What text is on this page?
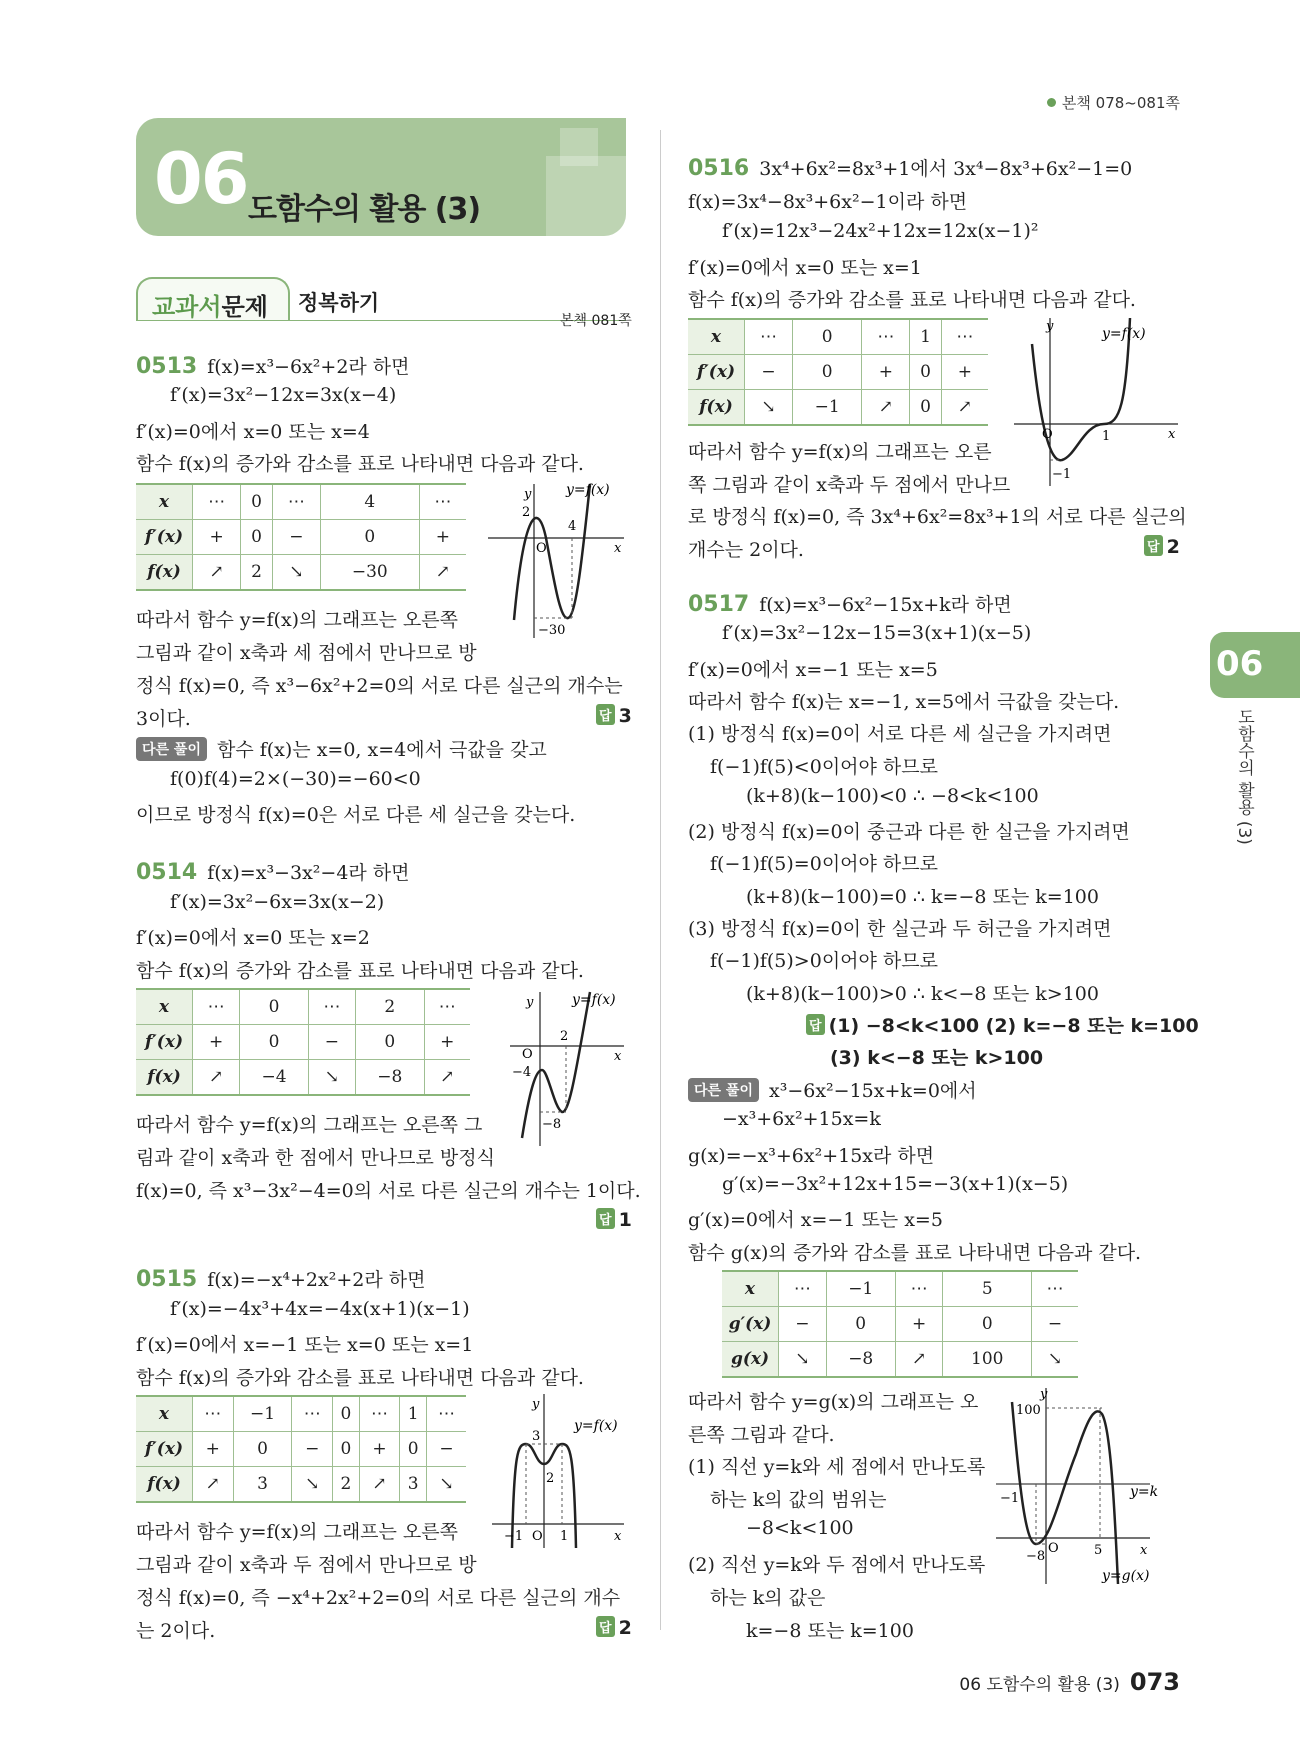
본책 078~081쪽
06 도함수의 활용 (3)
교과서문제 정복하기
본책 081쪽
0513 f(x)=x³−6x²+2라 하면
f′(x)=3x²−12x=3x(x−4)
f′(x)=0에서 x=0 또는 x=4
함수 f(x)의 증가와 감소를 표로 나타내면 다음과 같다.
x	⋯	0	⋯	4	⋯
f′(x)	+	0	−	0	+
f(x)	↗	2	↘	−30	↗
y y=f(x)
2
4
O	x
−30
따라서 함수 y=f(x)의 그래프는 오른쪽
그림과 같이 x축과 세 점에서 만나므로 방
정식 f(x)=0, 즉 x³−6x²+2=0의 서로 다른 실근의 개수는
3이다.	답 3
다른 풀이 함수 f(x)는 x=0, x=4에서 극값을 갖고
f(0)f(4)=2×(−30)=−60<0
이므로 방정식 f(x)=0은 서로 다른 세 실근을 갖는다.
0514 f(x)=x³−3x²−4라 하면
f′(x)=3x²−6x=3x(x−2)
f′(x)=0에서 x=0 또는 x=2
함수 f(x)의 증가와 감소를 표로 나타내면 다음과 같다.
x	⋯	0	⋯	2	⋯
f′(x)	+	0	−	0	+
f(x)	↗	−4	↘	−8	↗
y	y=f(x)
2
O	x
−4
−8
따라서 함수 y=f(x)의 그래프는 오른쪽 그
림과 같이 x축과 한 점에서 만나므로 방정식
f(x)=0, 즉 x³−3x²−4=0의 서로 다른 실근의 개수는 1이다.
답 1
0515 f(x)=−x⁴+2x²+2라 하면
f′(x)=−4x³+4x=−4x(x+1)(x−1)
f′(x)=0에서 x=−1 또는 x=0 또는 x=1
함수 f(x)의 증가와 감소를 표로 나타내면 다음과 같다.
x	⋯	−1	⋯	0	⋯	1	⋯
f′(x)	+	0	−	0	+	0	−
f(x)	↗	3	↘	2	↗	3	↘
y
y=f(x)
3
2
−1 O 1	x
따라서 함수 y=f(x)의 그래프는 오른쪽
그림과 같이 x축과 두 점에서 만나므로 방
정식 f(x)=0, 즉 −x⁴+2x²+2=0의 서로 다른 실근의 개수
는 2이다.	답 2
0516 3x⁴+6x²=8x³+1에서 3x⁴−8x³+6x²−1=0
f(x)=3x⁴−8x³+6x²−1이라 하면
f′(x)=12x³−24x²+12x=12x(x−1)²
f′(x)=0에서 x=0 또는 x=1
함수 f(x)의 증가와 감소를 표로 나타내면 다음과 같다.
x	⋯	0	⋯	1	⋯
f′(x)	−	0	+	0	+
f(x)	↘	−1	↗	0	↗
y	y=f(x)
O	1	x
−1
따라서 함수 y=f(x)의 그래프는 오른
쪽 그림과 같이 x축과 두 점에서 만나므
로 방정식 f(x)=0, 즉 3x⁴+6x²=8x³+1의 서로 다른 실근의
개수는 2이다.	답 2
0517 f(x)=x³−6x²−15x+k라 하면
f′(x)=3x²−12x−15=3(x+1)(x−5)
f′(x)=0에서 x=−1 또는 x=5
따라서 함수 f(x)는 x=−1, x=5에서 극값을 갖는다.
(1) 방정식 f(x)=0이 서로 다른 세 실근을 가지려면
f(−1)f(5)<0이어야 하므로
(k+8)(k−100)<0 ∴ −8<k<100
(2) 방정식 f(x)=0이 중근과 다른 한 실근을 가지려면
f(−1)f(5)=0이어야 하므로
(k+8)(k−100)=0 ∴ k=−8 또는 k=100
(3) 방정식 f(x)=0이 한 실근과 두 허근을 가지려면
f(−1)f(5)>0이어야 하므로
(k+8)(k−100)>0 ∴ k<−8 또는 k>100
답 (1) −8<k<100 (2) k=−8 또는 k=100
(3) k<−8 또는 k>100
다른 풀이 x³−6x²−15x+k=0에서
−x³+6x²+15x=k
g(x)=−x³+6x²+15x라 하면
g′(x)=−3x²+12x+15=−3(x+1)(x−5)
g′(x)=0에서 x=−1 또는 x=5
함수 g(x)의 증가와 감소를 표로 나타내면 다음과 같다.
x	⋯	−1	⋯	5	⋯
g′(x)	−	0	+	0	−
g(x)	↘	−8	↗	100	↘
y
100
−1	y=k
O	5	x
−8
y=g(x)
따라서 함수 y=g(x)의 그래프는 오
른쪽 그림과 같다.
(1) 직선 y=k와 세 점에서 만나도록
하는 k의 값의 범위는
−8<k<100
(2) 직선 y=k와 두 점에서 만나도록
하는 k의 값은
k=−8 또는 k=100
06
도함수의 활용 (3)
06 도함수의 활용 (3) 073
